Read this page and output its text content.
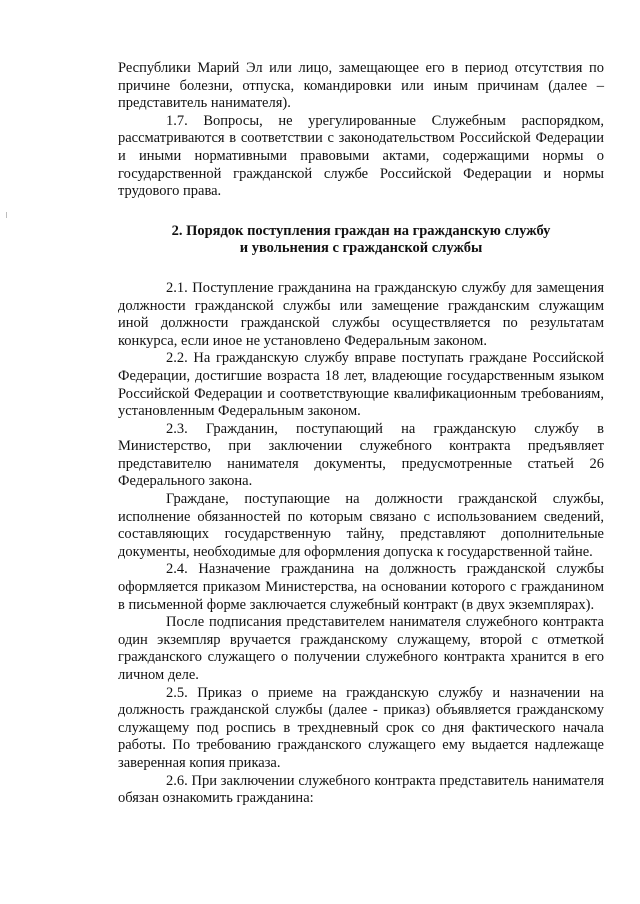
Республики Марий Эл или лицо, замещающее его в период отсутствия по причине болезни, отпуска, командировки или иным причинам (далее – представитель нанимателя).

1.7. Вопросы, не урегулированные Служебным распорядком, рассматриваются в соответствии с законодательством Российской Федерации и иными нормативными правовыми актами, содержащими нормы о государственной гражданской службе Российской Федерации и нормы трудового права.

2. Порядок поступления граждан на гражданскую службу
и увольнения с гражданской службы

2.1. Поступление гражданина на гражданскую службу для замещения должности гражданской службы или замещение гражданским служащим иной должности гражданской службы осуществляется по результатам конкурса, если иное не установлено Федеральным законом.

2.2. На гражданскую службу вправе поступать граждане Российской Федерации, достигшие возраста 18 лет, владеющие государственным языком Российской Федерации и соответствующие квалификационным требованиям, установленным Федеральным законом.

2.3. Гражданин, поступающий на гражданскую службу в Министерство, при заключении служебного контракта предъявляет представителю нанимателя документы, предусмотренные статьей 26 Федерального закона.

Граждане, поступающие на должности гражданской службы, исполнение обязанностей по которым связано с использованием сведений, составляющих государственную тайну, представляют дополнительные документы, необходимые для оформления допуска к государственной тайне.

2.4. Назначение гражданина на должность гражданской службы оформляется приказом Министерства, на основании которого с гражданином в письменной форме заключается служебный контракт (в двух экземплярах).

После подписания представителем нанимателя служебного контракта один экземпляр вручается гражданскому служащему, второй с отметкой гражданского служащего о получении служебного контракта хранится в его личном деле.

2.5. Приказ о приеме на гражданскую службу и назначении на должность гражданской службы (далее - приказ) объявляется гражданскому служащему под роспись в трехдневный срок со дня фактического начала работы. По требованию гражданского служащего ему выдается надлежаще заверенная копия приказа.

2.6. При заключении служебного контракта представитель нанимателя обязан ознакомить гражданина:
